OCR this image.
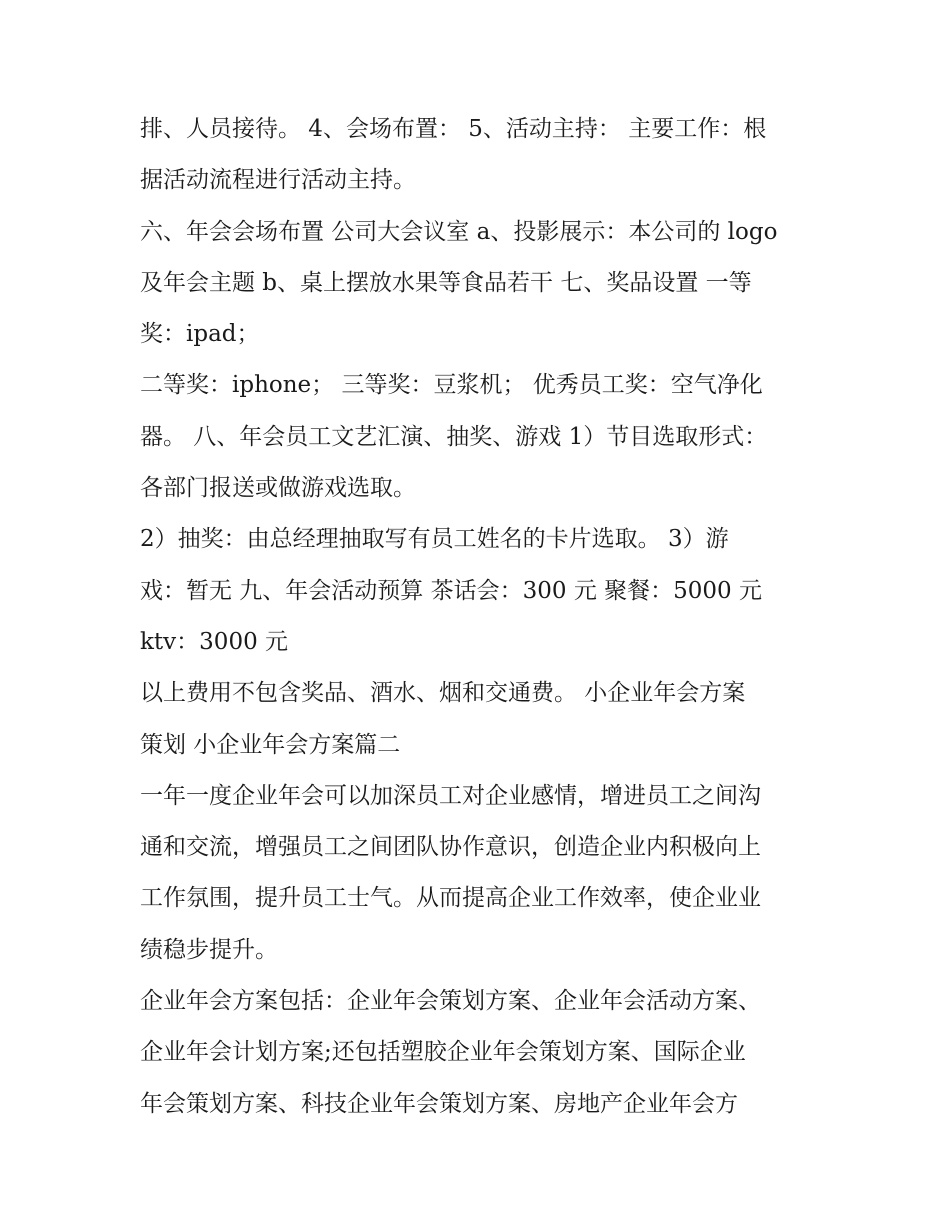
排、人员接待。 4、会场布置： 5、活动主持： 主要工作：根
据活动流程进行活动主持。
六、年会会场布置 公司大会议室 a、投影展示：本公司的 logo
及年会主题 b、桌上摆放水果等食品若干 七、奖品设置 一等
奖：ipad；
二等奖：iphone； 三等奖：豆浆机； 优秀员工奖：空气净化
器。 八、年会员工文艺汇演、抽奖、游戏 1）节目选取形式：
各部门报送或做游戏选取。
2）抽奖：由总经理抽取写有员工姓名的卡片选取。 3）游
戏：暂无 九、年会活动预算 茶话会：300 元 聚餐：5000 元
ktv：3000 元
以上费用不包含奖品、酒水、烟和交通费。 小企业年会方案
策划 小企业年会方案篇二
一年一度企业年会可以加深员工对企业感情，增进员工之间沟
通和交流，增强员工之间团队协作意识，创造企业内积极向上
工作氛围，提升员工士气。从而提高企业工作效率，使企业业
绩稳步提升。
企业年会方案包括：企业年会策划方案、企业年会活动方案、
企业年会计划方案;还包括塑胶企业年会策划方案、国际企业
年会策划方案、科技企业年会策划方案、房地产企业年会方
